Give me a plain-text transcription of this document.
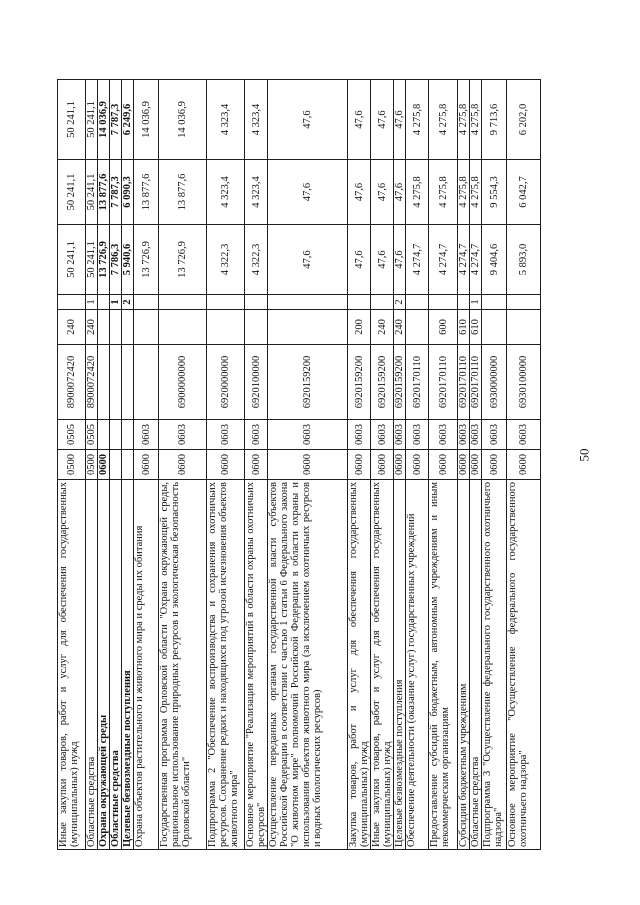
50
Иные закупки товаров, работ и услуг для обеспечения государственных (муниципальных) нужд	0500	0505	8900072420	240		50 241,1	50 241,1	50 241,1
Областные средства	0500	0505	8900072420	240	1	50 241,1	50 241,1	50 241,1
Охрана окружающей среды	0600					13 726,9	13 877,6	14 036,9
Областные средства					1	7 786,3	7 787,3	7 787,3
Целевые безвозмездные поступления					2	5 940,6	6 090,3	6 249,6
Охрана объектов растительного и животного мира и среды их обитания	0600	0603				13 726,9	13 877,6	14 036,9
Государственная программа Орловской области "Охрана окружающей среды, рациональное использование природных ресурсов и экологическая безопасность Орловской области"	0600	0603	6900000000			13 726,9	13 877,6	14 036,9
Подпрограмма 2 "Обеспечение воспроизводства и сохранения охотничьих ресурсов. Сохранение редких и находящихся под угрозой исчезновения объектов животного мира"	0600	0603	6920000000			4 322,3	4 323,4	4 323,4
Основное мероприятие "Реализация мероприятий в области охраны охотничьих ресурсов"	0600	0603	6920100000			4 322,3	4 323,4	4 323,4
Осуществление переданных органам государственной власти субъектов Российской Федерации в соответствии с частью 1 статьи 6 Федерального закона "О животном мире" полномочий Российской Федерации в области охраны и использования объектов животного мира (за исключением охотничьих ресурсов и водных биологических ресурсов)	0600	0603	6920159200			47,6	47,6	47,6
Закупка товаров, работ и услуг для обеспечения государственных (муниципальных) нужд	0600	0603	6920159200	200		47,6	47,6	47,6
Иные закупки товаров, работ и услуг для обеспечения государственных (муниципальных) нужд	0600	0603	6920159200	240		47,6	47,6	47,6
Целевые безвозмездные поступления	0600	0603	6920159200	240	2	47,6	47,6	47,6
Обеспечение деятельности (оказание услуг) государственных учреждений	0600	0603	6920170110			4 274,7	4 275,8	4 275,8
Предоставление субсидий бюджетным, автономным учреждениям и иным некоммерческим организациям	0600	0603	6920170110	600		4 274,7	4 275,8	4 275,8
Субсидии бюджетным учреждениям	0600	0603	6920170110	610		4 274,7	4 275,8	4 275,8
Областные средства	0600	0603	6920170110	610	1	4 274,7	4 275,8	4 275,8
Подпрограмма 3 "Осуществление федерального государственного охотничьего надзора"	0600	0603	6930000000			9 404,6	9 554,3	9 713,6
Основное мероприятие "Осуществление федерального государственного охотничьего надзора"	0600	0603	6930100000			5 893,0	6 042,7	6 202,0
